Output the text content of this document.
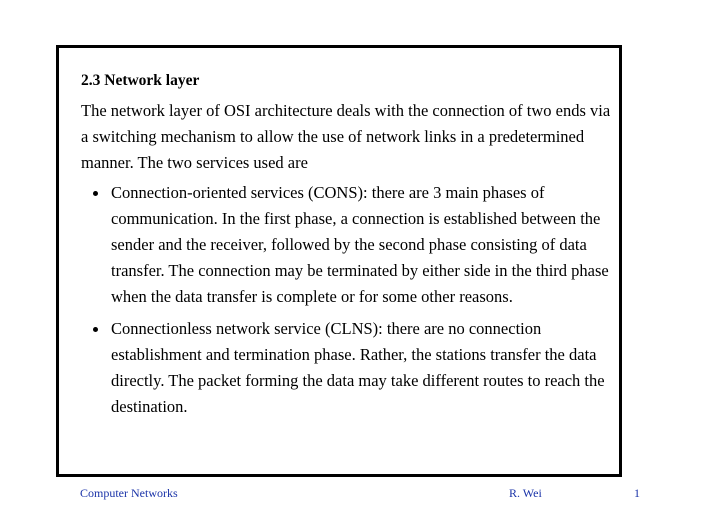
2.3 Network layer

The network layer of OSI architecture deals with the connection of two ends via a switching mechanism to allow the use of network links in a predetermined manner. The two services used are

Connection-oriented services (CONS): there are 3 main phases of communication. In the first phase, a connection is established between the sender and the receiver, followed by the second phase consisting of data transfer. The connection may be terminated by either side in the third phase when the data transfer is complete or for some other reasons.
Connectionless network service (CLNS): there are no connection establishment and termination phase. Rather, the stations transfer the data directly. The packet forming the data may take different routes to reach the destination.
Computer Networks	R. Wei	1
